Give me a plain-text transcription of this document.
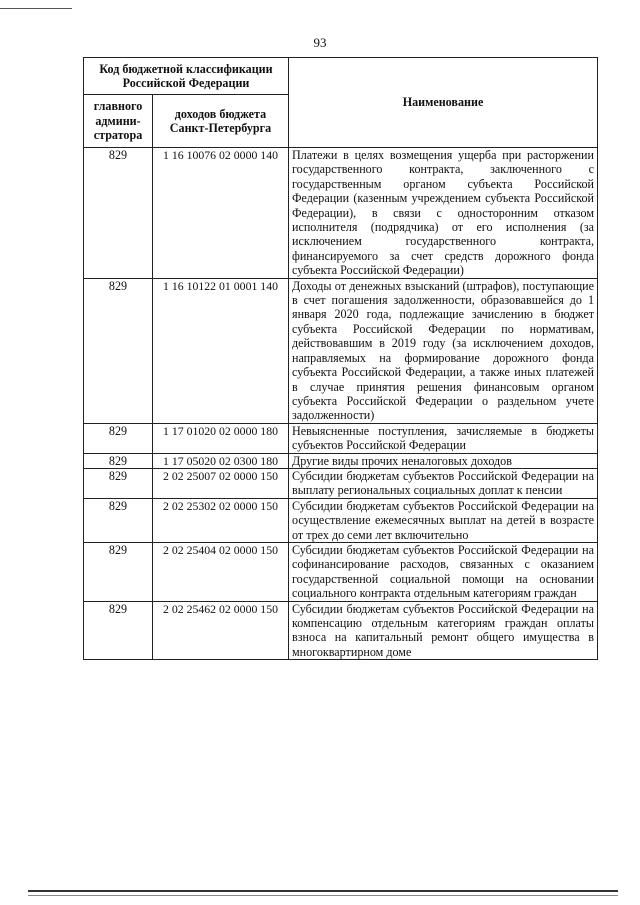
93
Код бюджетной классификации Российской Федерации		Наименование
главного админи-стратора	доходов бюджета Санкт-Петербурга	
829	1 16 10076 02 0000 140	Платежи в целях возмещения ущерба при расторжении государственного контракта, заключенного с государственным органом субъекта Российской Федерации (казенным учреждением субъекта Российской Федерации), в связи с односторонним отказом исполнителя (подрядчика) от его исполнения (за исключением государственного контракта, финансируемого за счет средств дорожного фонда субъекта Российской Федерации)
829	1 16 10122 01 0001 140	Доходы от денежных взысканий (штрафов), поступающие в счет погашения задолженности, образовавшейся до 1 января 2020 года, подлежащие зачислению в бюджет субъекта Российской Федерации по нормативам, действовавшим в 2019 году (за исключением доходов, направляемых на формирование дорожного фонда субъекта Российской Федерации, а также иных платежей в случае принятия решения финансовым органом субъекта Российской Федерации о раздельном учете задолженности)
829	1 17 01020 02 0000 180	Невыясненные поступления, зачисляемые в бюджеты субъектов Российской Федерации
829	1 17 05020 02 0300 180	Другие виды прочих неналоговых доходов
829	2 02 25007 02 0000 150	Субсидии бюджетам субъектов Российской Федерации на выплату региональных социальных доплат к пенсии
829	2 02 25302 02 0000 150	Субсидии бюджетам субъектов Российской Федерации на осуществление ежемесячных выплат на детей в возрасте от трех до семи лет включительно
829	2 02 25404 02 0000 150	Субсидии бюджетам субъектов Российской Федерации на софинансирование расходов, связанных с оказанием государственной социальной помощи на основании социального контракта отдельным категориям граждан
829	2 02 25462 02 0000 150	Субсидии бюджетам субъектов Российской Федерации на компенсацию отдельным категориям граждан оплаты взноса на капитальный ремонт общего имущества в многоквартирном доме
